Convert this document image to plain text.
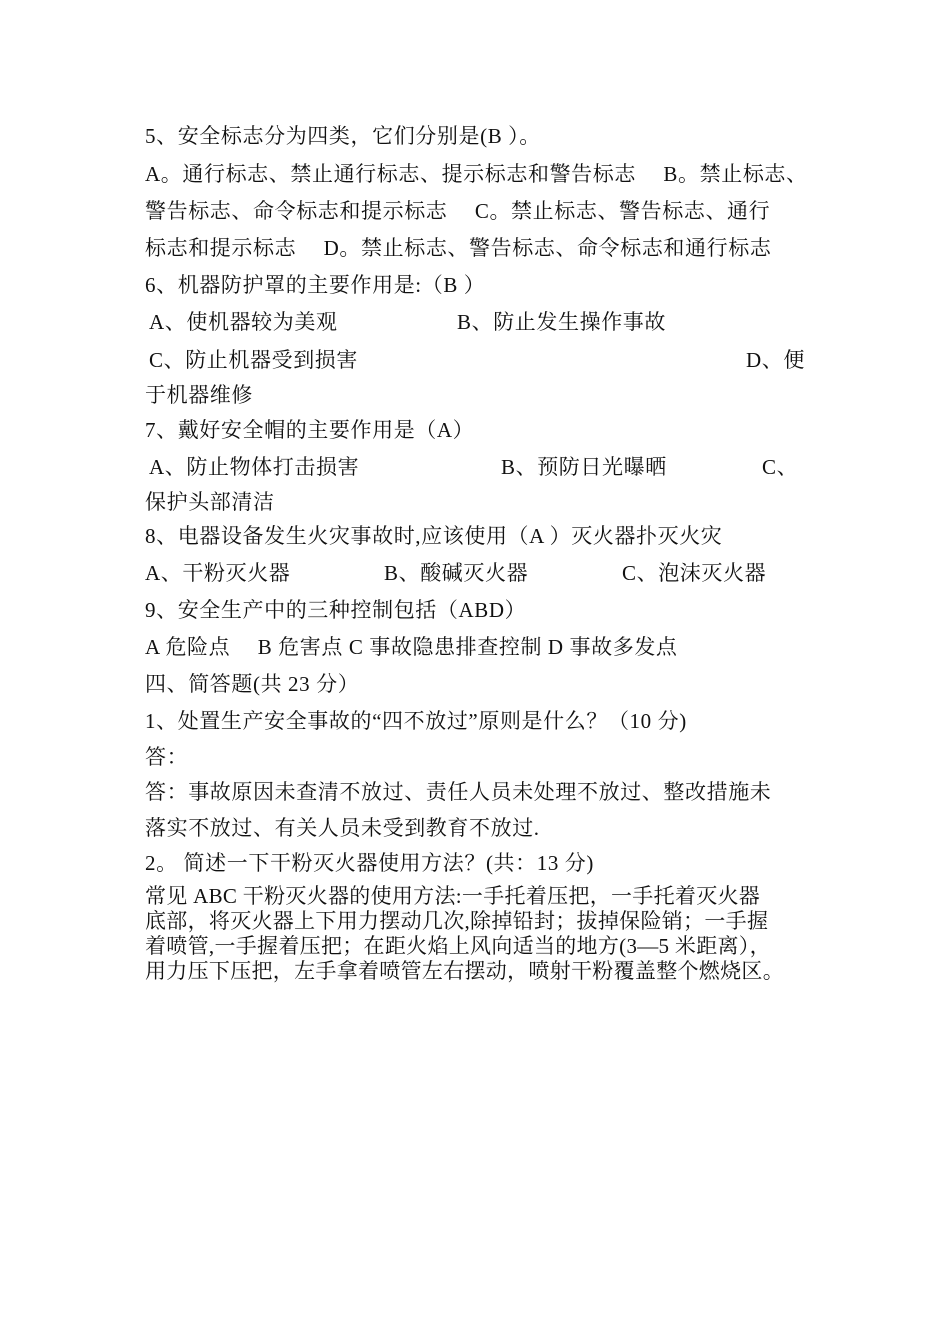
5、安全标志分为四类，它们分别是(B ）。
A。通行标志、禁止通行标志、提示标志和警告标志　 B。禁止标志、
警告标志、命令标志和提示标志　 C。禁止标志、警告标志、通行
标志和提示标志　 D。禁止标志、警告标志、命令标志和通行标志
6、机器防护罩的主要作用是:（B ）
A、使机器较为美观	B、防止发生操作事故
C、防止机器受到损害	D、便
于机器维修
7、戴好安全帽的主要作用是（A）
A、防止物体打击损害	B、预防日光曝晒	C、
保护头部清洁
8、电器设备发生火灾事故时,应该使用（A ）灭火器扑灭火灾
A、干粉灭火器	B、酸碱灭火器	C、泡沫灭火器
9、安全生产中的三种控制包括（ABD）
A 危险点　 B 危害点 C 事故隐患排查控制 D 事故多发点
四、简答题(共 23 分）
1、处置生产安全事故的“四不放过”原则是什么？（10 分)
答：
答：事故原因未查清不放过、责任人员未处理不放过、整改措施未
落实不放过、有关人员未受到教育不放过.
2。 简述一下干粉灭火器使用方法？(共：13 分)
常见 ABC 干粉灭火器的使用方法:一手托着压把，一手托着灭火器
底部，将灭火器上下用力摆动几次,除掉铅封；拔掉保险销；一手握
着喷管,一手握着压把；在距火焰上风向适当的地方(3—5 米距离），
用力压下压把，左手拿着喷管左右摆动，喷射干粉覆盖整个燃烧区。
